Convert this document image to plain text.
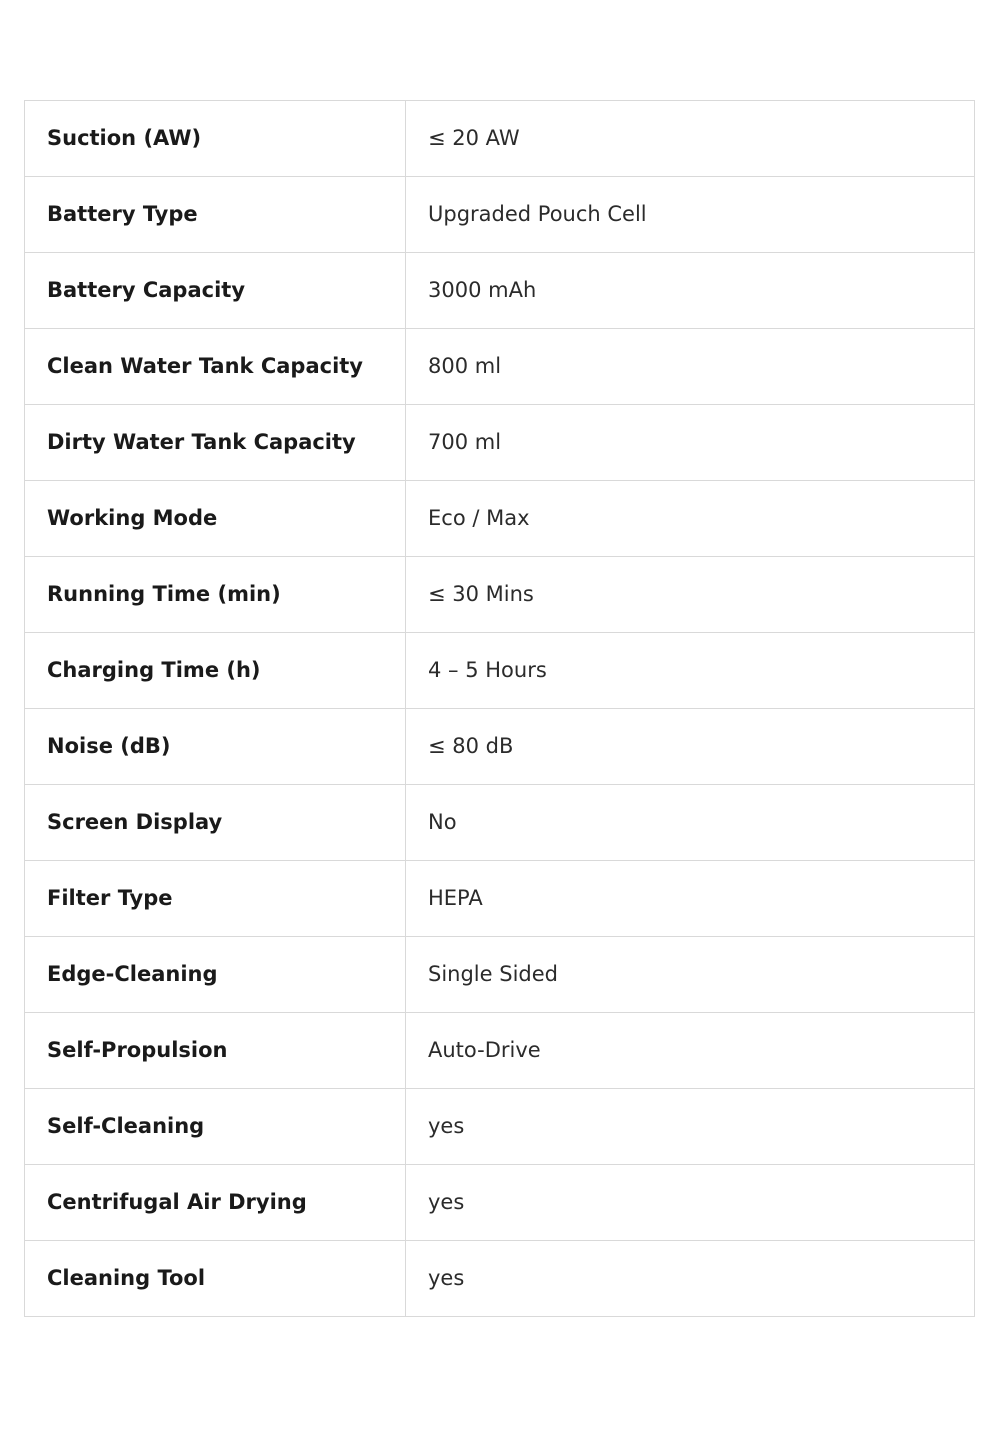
Suction (AW)	≤ 20 AW
Battery Type	Upgraded Pouch Cell
Battery Capacity	3000 mAh
Clean Water Tank Capacity	800 ml
Dirty Water Tank Capacity	700 ml
Working Mode	Eco / Max
Running Time (min)	≤ 30 Mins
Charging Time (h)	4 – 5 Hours
Noise (dB)	≤ 80 dB
Screen Display	No
Filter Type	HEPA
Edge-Cleaning	Single Sided
Self-Propulsion	Auto-Drive
Self-Cleaning	yes
Centrifugal Air Drying	yes
Cleaning Tool	yes
